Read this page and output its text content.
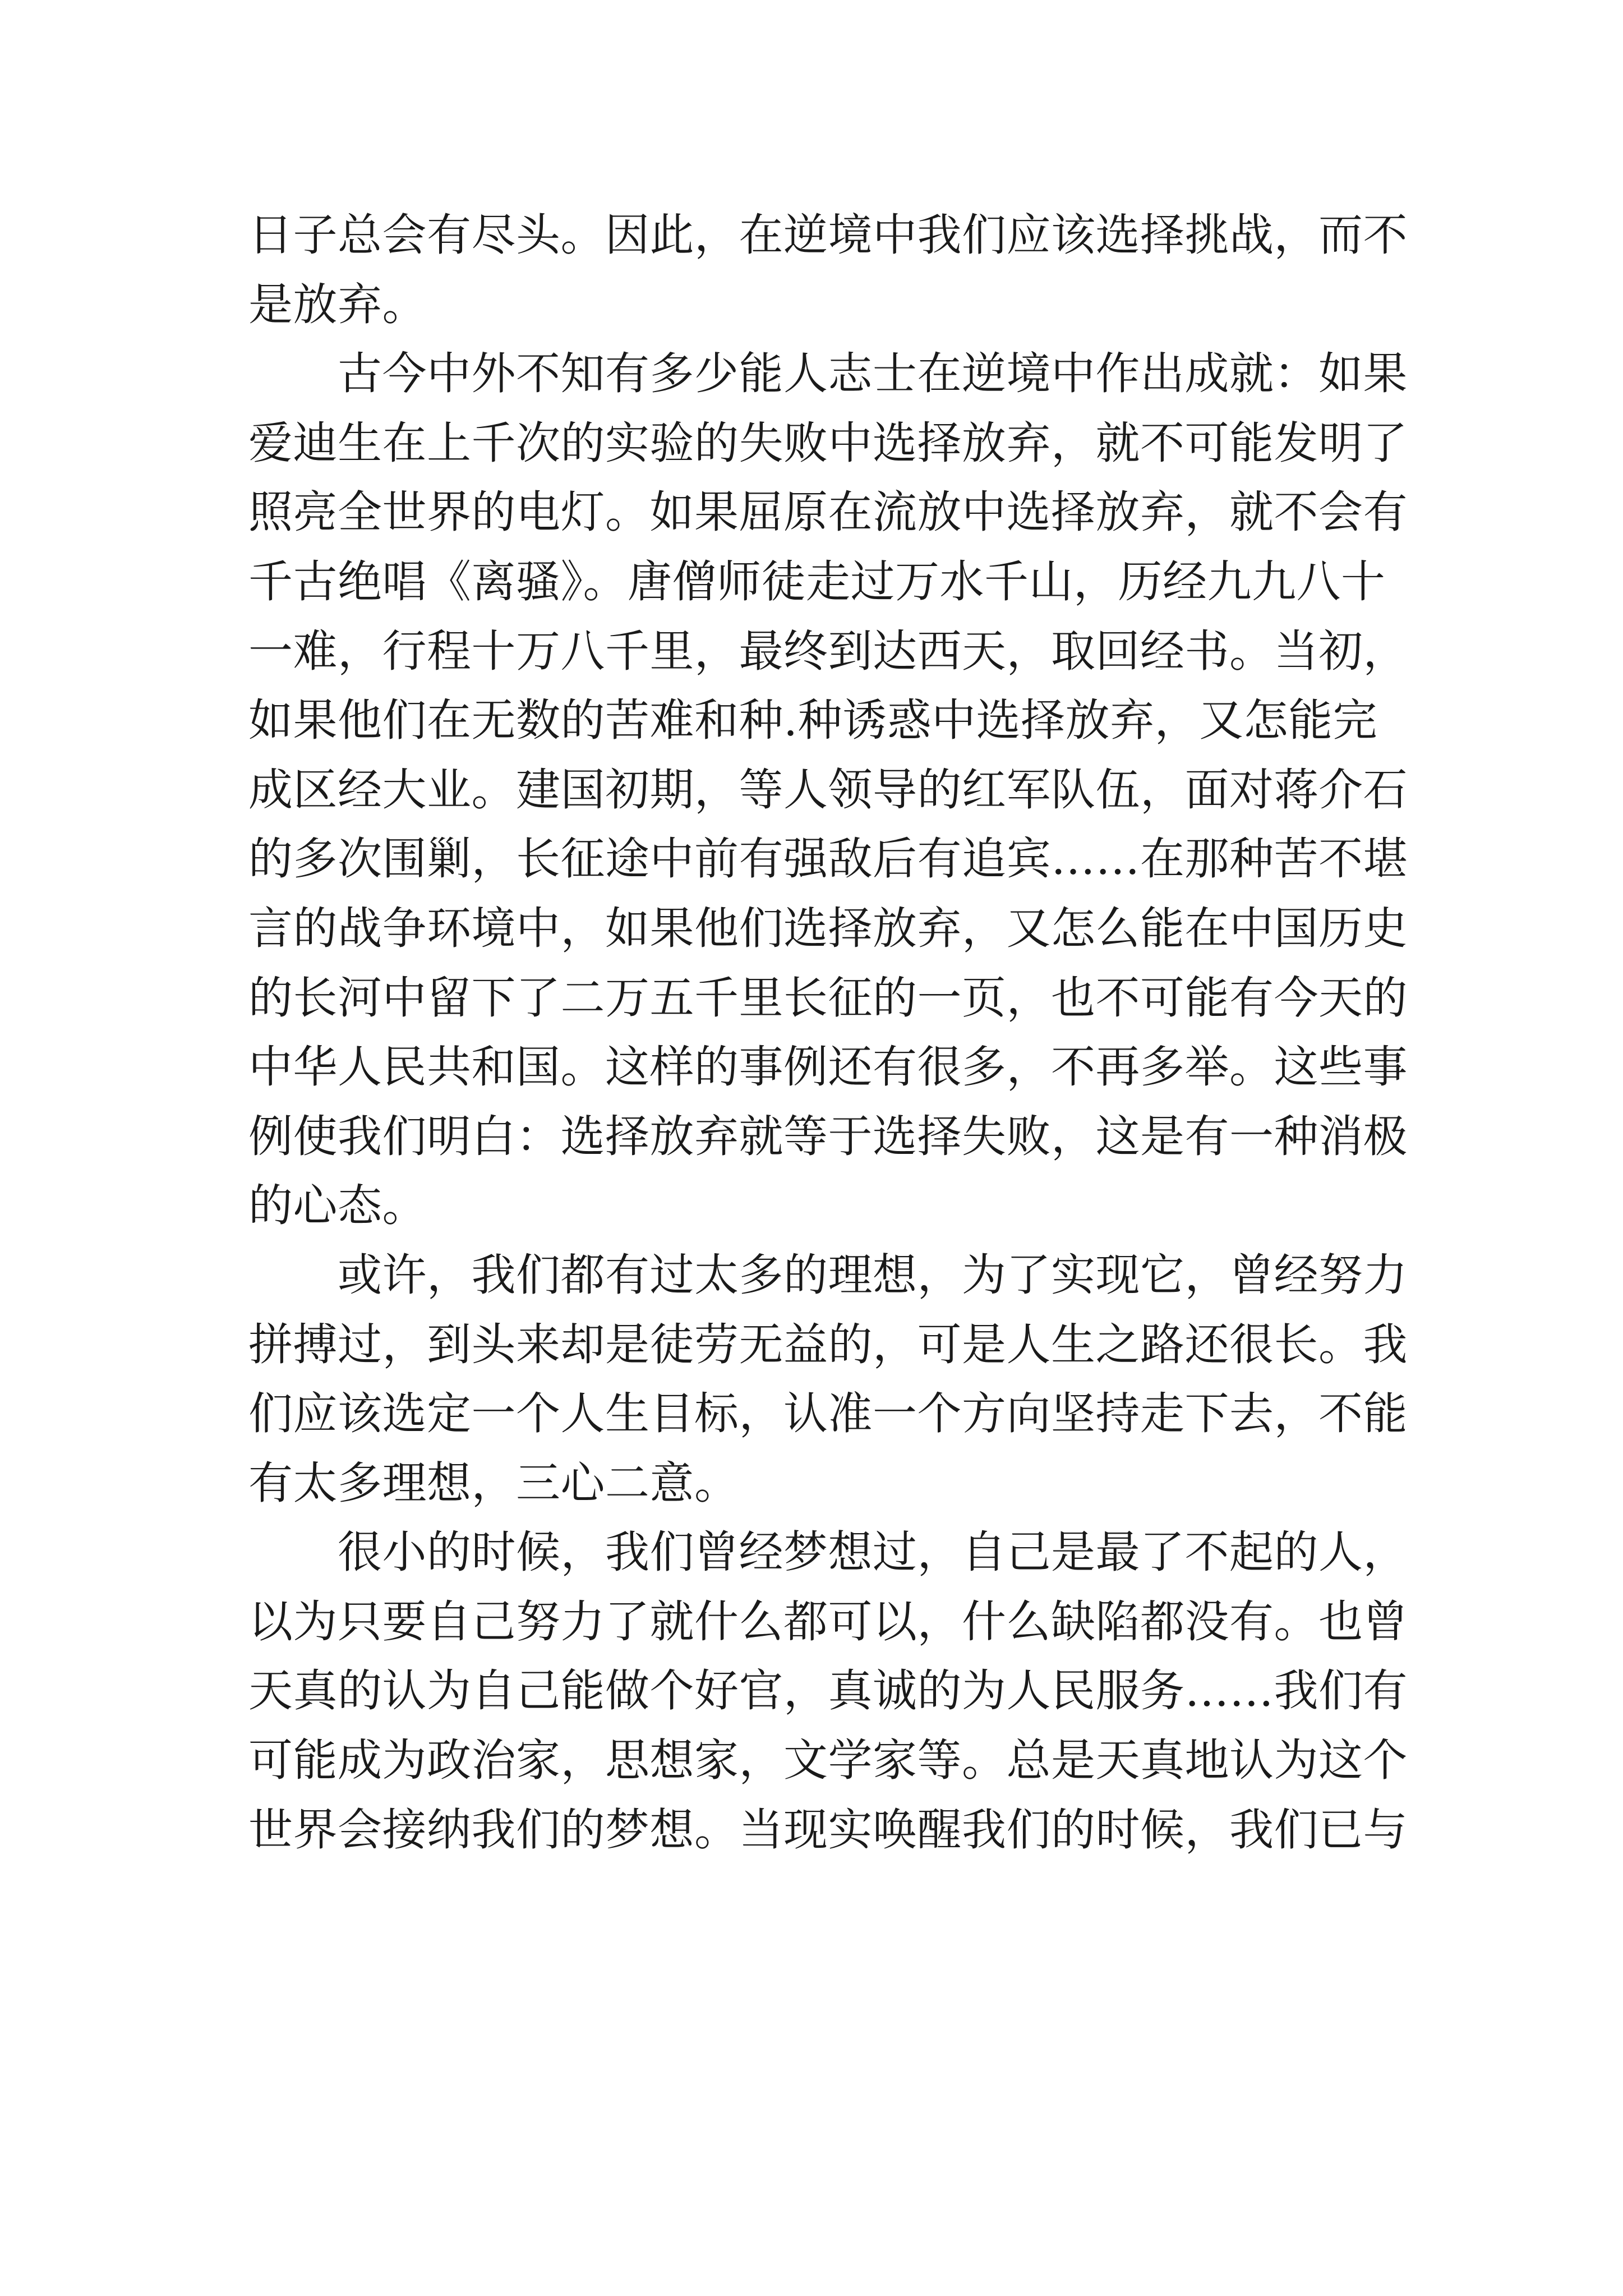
日子总会有尽头。因此，在逆境中我们应该选择挑战，而不
是放弃。
　　古今中外不知有多少能人志士在逆境中作出成就：如果
爱迪生在上千次的实验的失败中选择放弃，就不可能发明了
照亮全世界的电灯。如果屈原在流放中选择放弃，就不会有
千古绝唱《离骚》。唐僧师徒走过万水千山，历经九九八十
一难，行程十万八千里，最终到达西天，取回经书。当初，
如果他们在无数的苦难和种.种诱惑中选择放弃，又怎能完
成区经大业。建国初期，等人领导的红军队伍，面对蒋介石
的多次围剿，长征途中前有强敌后有追宾……在那种苦不堪
言的战争环境中，如果他们选择放弃，又怎么能在中国历史
的长河中留下了二万五千里长征的一页，也不可能有今天的
中华人民共和国。这样的事例还有很多，不再多举。这些事
例使我们明白：选择放弃就等于选择失败，这是有一种消极
的心态。
　　或许，我们都有过太多的理想，为了实现它，曾经努力
拼搏过，到头来却是徒劳无益的，可是人生之路还很长。我
们应该选定一个人生目标，认准一个方向坚持走下去，不能
有太多理想，三心二意。
　　很小的时候，我们曾经梦想过，自己是最了不起的人，
以为只要自己努力了就什么都可以，什么缺陷都没有。也曾
天真的认为自己能做个好官，真诚的为人民服务……我们有
可能成为政治家，思想家，文学家等。总是天真地认为这个
世界会接纳我们的梦想。当现实唤醒我们的时候，我们已与
